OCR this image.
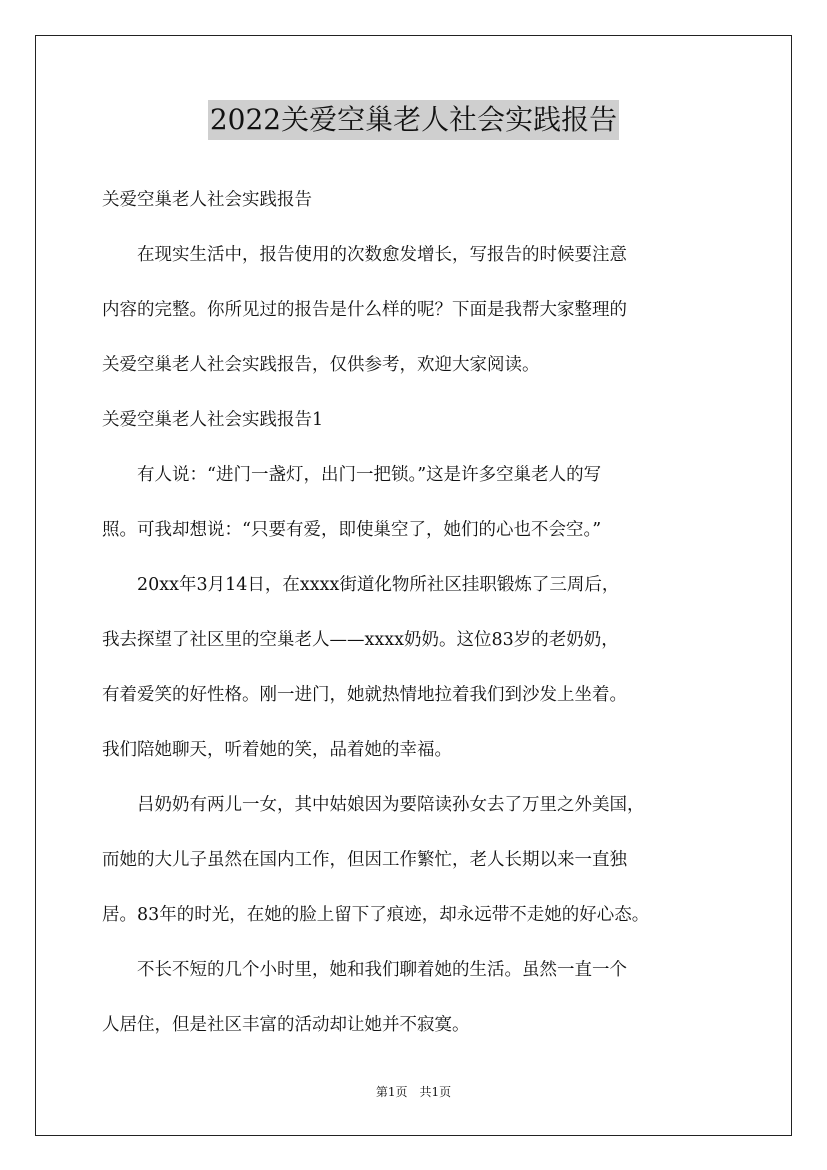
2022关爱空巢老人社会实践报告
关爱空巢老人社会实践报告
在现实生活中，报告使用的次数愈发增长，写报告的时候要注意
内容的完整。你所见过的报告是什么样的呢？下面是我帮大家整理的
关爱空巢老人社会实践报告，仅供参考，欢迎大家阅读。
关爱空巢老人社会实践报告1
有人说：“进门一盏灯，出门一把锁。”这是许多空巢老人的写
照。可我却想说：“只要有爱，即使巢空了，她们的心也不会空。”
20xx年3月14日，在xxxx街道化物所社区挂职锻炼了三周后，
我去探望了社区里的空巢老人——xxxx奶奶。这位83岁的老奶奶，
有着爱笑的好性格。刚一进门，她就热情地拉着我们到沙发上坐着。
我们陪她聊天，听着她的笑，品着她的幸福。
吕奶奶有两儿一女，其中姑娘因为要陪读孙女去了万里之外美国，
而她的大儿子虽然在国内工作，但因工作繁忙，老人长期以来一直独
居。83年的时光，在她的脸上留下了痕迹，却永远带不走她的好心态。
不长不短的几个小时里，她和我们聊着她的生活。虽然一直一个
人居住，但是社区丰富的活动却让她并不寂寞。
第1页 共1页
